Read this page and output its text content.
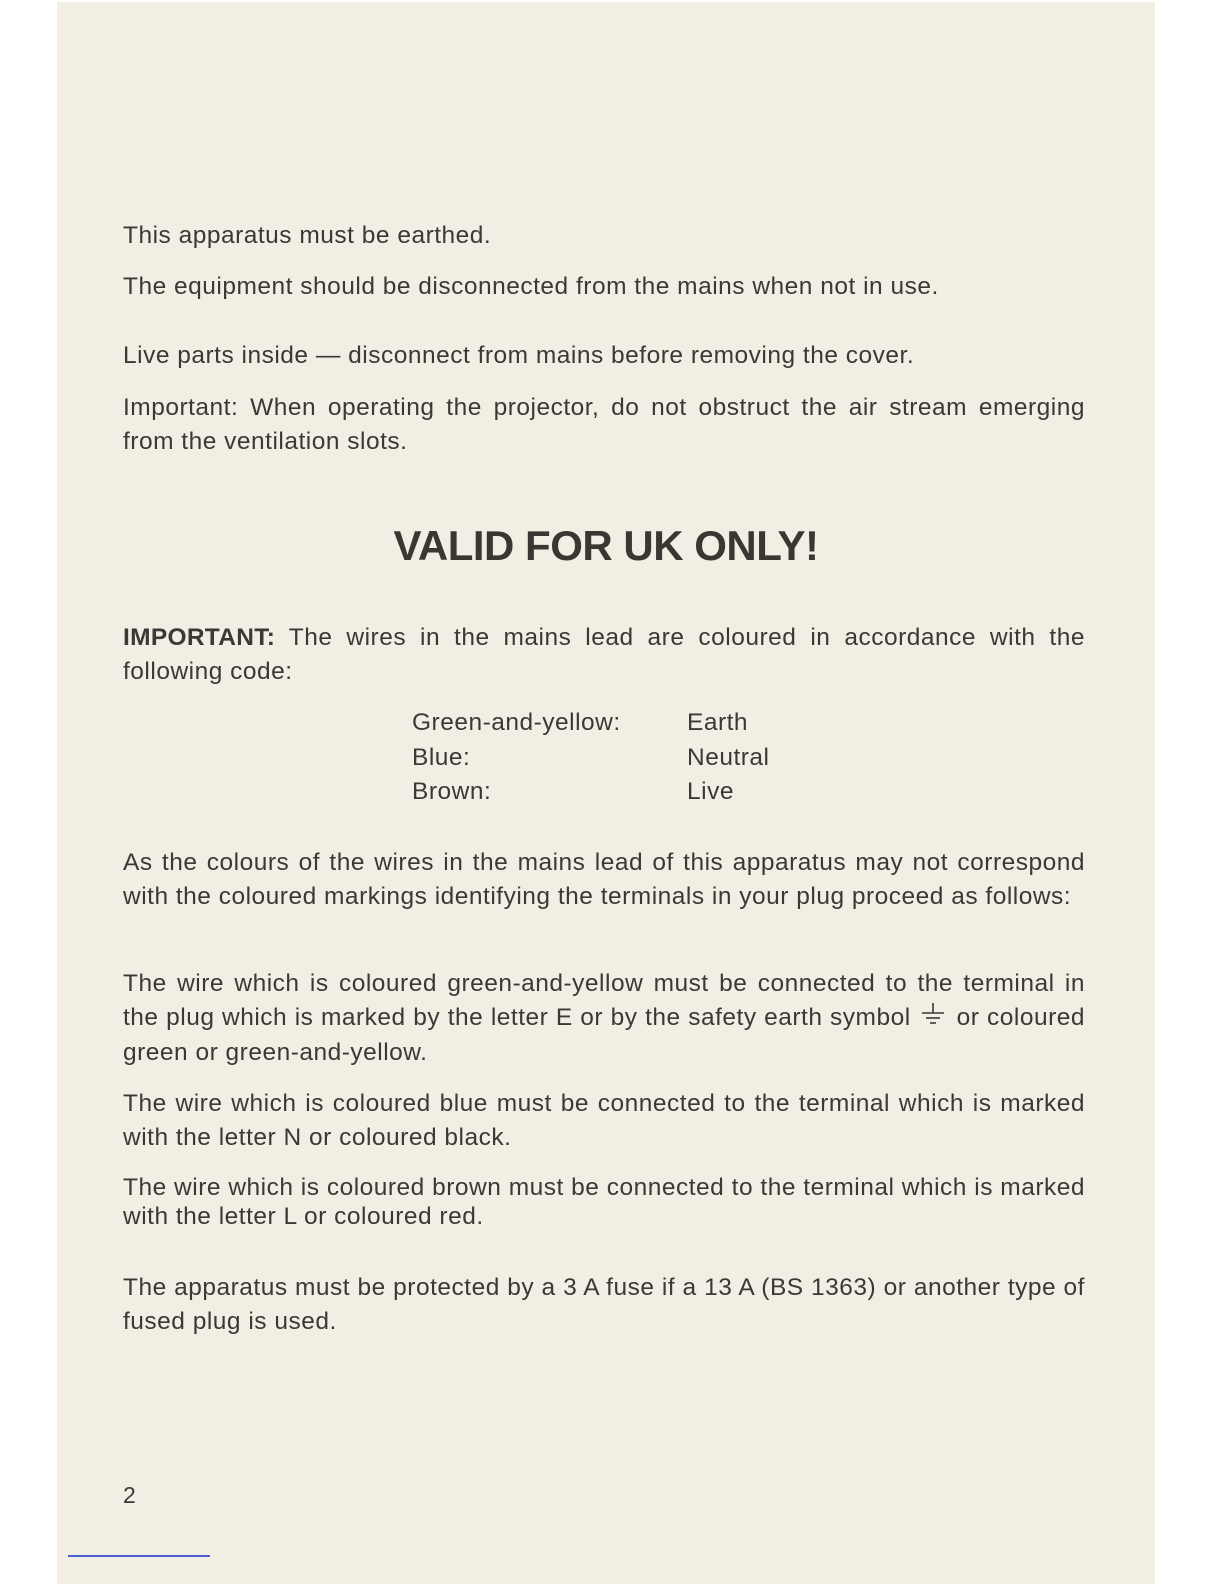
This apparatus must be earthed.

The equipment should be disconnected from the mains when not in use.

Live parts inside — disconnect from mains before removing the cover.

Important: When operating the projector, do not obstruct the air stream emerging from the ventilation slots.

VALID FOR UK ONLY!

IMPORTANT: The wires in the mains lead are coloured in accordance with the following code:

Green-and-yellow:	Earth
Blue:	Neutral
Brown:	Live

As the colours of the wires in the mains lead of this apparatus may not correspond with the coloured markings identifying the terminals in your plug proceed as follows:

The wire which is coloured green-and-yellow must be connected to the terminal in the plug which is marked by the letter E or by the safety earth symbol or coloured green or green-and-yellow.

The wire which is coloured blue must be connected to the terminal which is marked with the letter N or coloured black.

The wire which is coloured brown must be connected to the terminal which is marked with the letter L or coloured red.

The apparatus must be protected by a 3 A fuse if a 13 A (BS 1363) or another type of fused plug is used.

2
